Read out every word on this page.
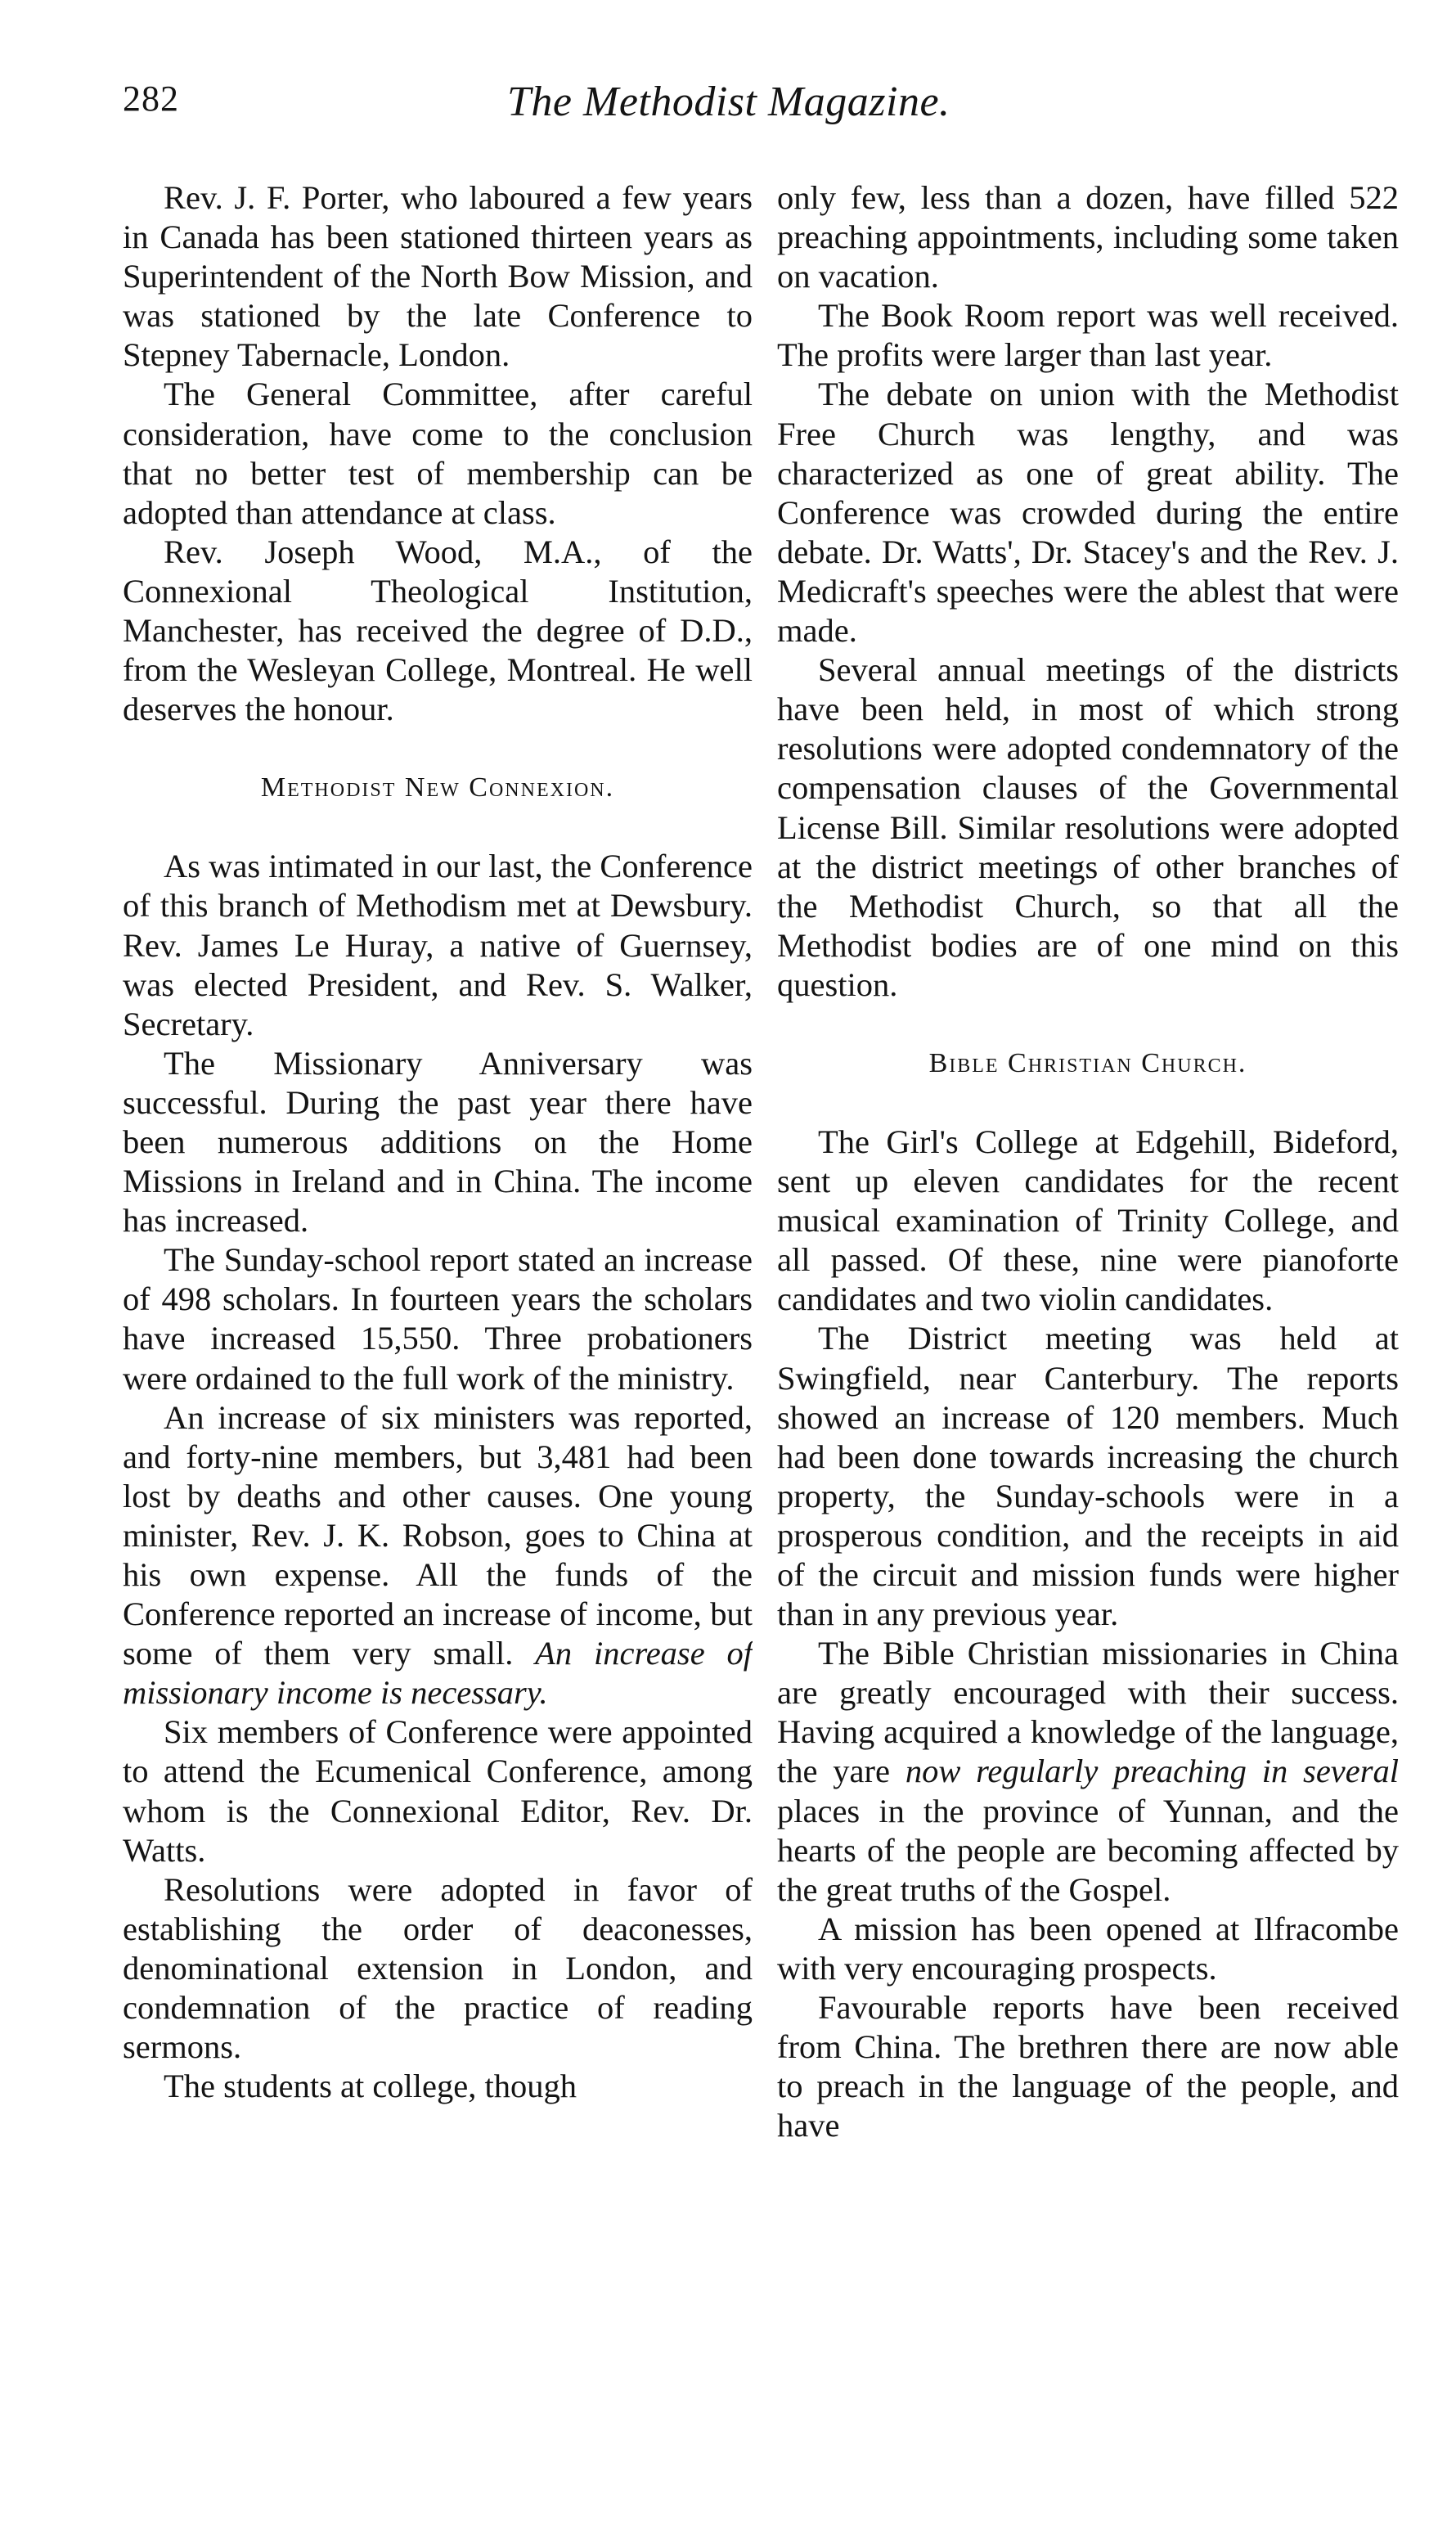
282	The Methodist Magazine.

Rev. J. F. Porter, who laboured a few years in Canada has been stationed thirteen years as Superintendent of the North Bow Mission, and was stationed by the late Conference to Stepney Tabernacle, London.

The General Committee, after careful consideration, have come to the conclusion that no better test of membership can be adopted than attendance at class.

Rev. Joseph Wood, M.A., of the Connexional Theological Institution, Manchester, has received the degree of D.D., from the Wesleyan College, Montreal. He well deserves the honour.

Methodist New Connexion.

As was intimated in our last, the Conference of this branch of Methodism met at Dewsbury. Rev. James Le Huray, a native of Guernsey, was elected President, and Rev. S. Walker, Secretary.

The Missionary Anniversary was successful. During the past year there have been numerous additions on the Home Missions in Ireland and in China. The income has increased.

The Sunday-school report stated an increase of 498 scholars. In fourteen years the scholars have increased 15,550. Three probationers were ordained to the full work of the ministry.

An increase of six ministers was reported, and forty-nine members, but 3,481 had been lost by deaths and other causes. One young minister, Rev. J. K. Robson, goes to China at his own expense. All the funds of the Conference reported an increase of income, but some of them very small. An increase of missionary income is necessary.

Six members of Conference were appointed to attend the Ecumenical Conference, among whom is the Connexional Editor, Rev. Dr. Watts.

Resolutions were adopted in favor of establishing the order of deaconesses, denominational extension in London, and condemnation of the practice of reading sermons.

The students at college, though

only few, less than a dozen, have filled 522 preaching appointments, including some taken on vacation.

The Book Room report was well received. The profits were larger than last year.

The debate on union with the Methodist Free Church was lengthy, and was characterized as one of great ability. The Conference was crowded during the entire debate. Dr. Watts', Dr. Stacey's and the Rev. J. Medicraft's speeches were the ablest that were made.

Several annual meetings of the districts have been held, in most of which strong resolutions were adopted condemnatory of the compensation clauses of the Governmental License Bill. Similar resolutions were adopted at the district meetings of other branches of the Methodist Church, so that all the Methodist bodies are of one mind on this question.

Bible Christian Church.

The Girl's College at Edgehill, Bideford, sent up eleven candidates for the recent musical examination of Trinity College, and all passed. Of these, nine were pianoforte candidates and two violin candidates.

The District meeting was held at Swingfield, near Canterbury. The reports showed an increase of 120 members. Much had been done towards increasing the church property, the Sunday-schools were in a prosperous condition, and the receipts in aid of the circuit and mission funds were higher than in any previous year.

The Bible Christian missionaries in China are greatly encouraged with their success. Having acquired a knowledge of the language, the yare now regularly preaching in several places in the province of Yunnan, and the hearts of the people are becoming affected by the great truths of the Gospel.

A mission has been opened at Ilfracombe with very encouraging prospects.

Favourable reports have been received from China. The brethren there are now able to preach in the language of the people, and have
